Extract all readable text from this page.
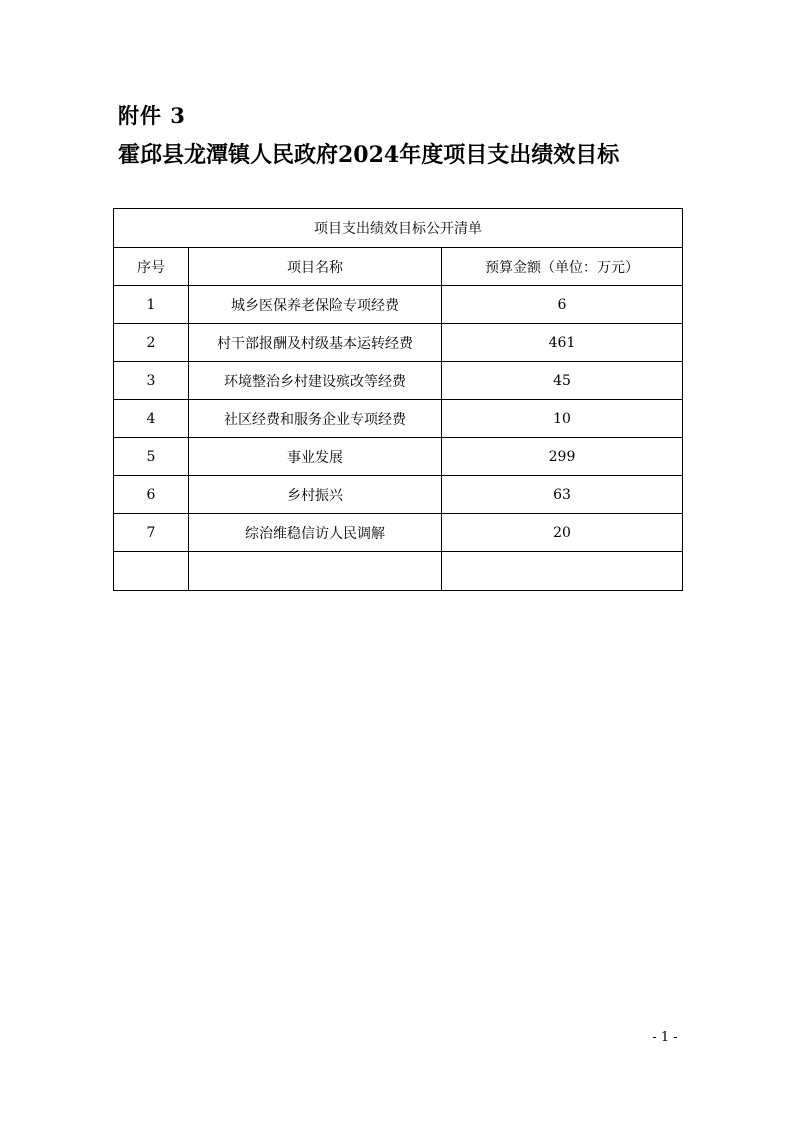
附件 3
霍邱县龙潭镇人民政府2024年度项目支出绩效目标
项目支出绩效目标公开清单		
序号	项目名称	预算金额（单位：万元）
1	城乡医保养老保险专项经费	6
2	村干部报酬及村级基本运转经费	461
3	环境整治乡村建设殡改等经费	45
4	社区经费和服务企业专项经费	10
5	事业发展	299
6	乡村振兴	63
7	综治维稳信访人民调解	20

- 1 -
